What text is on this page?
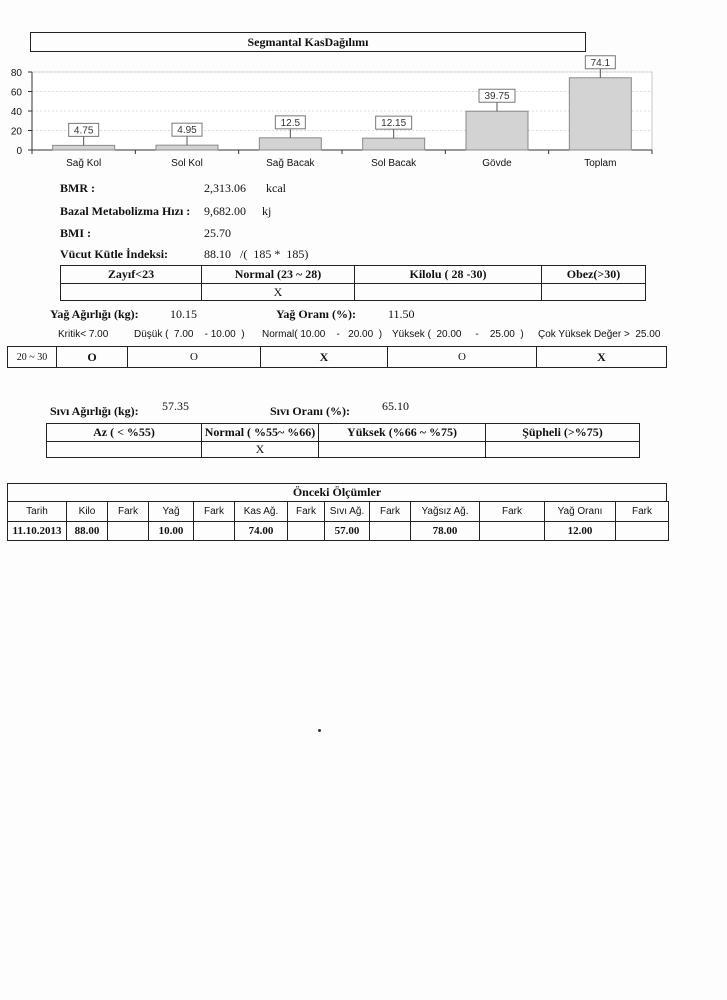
Segmantal KasDağılımı
0
20
40
60
80
Sağ Kol
4.75
Sol Kol
4.95
Sağ Bacak
12.5
Sol Bacak
12.15
Gövde
39.75
Toplam
74.1
BMR :	2,313.06 kcal
Bazal Metabolizma Hızı : 9,682.00 kj
BMI :	25.70
Vücut Kütle İndeksi:	88.10 /(  185 *  185)
Zayıf<23	Normal (23 ~ 28)	Kilolu ( 28 -30)	Obez(>30)
	X		
Yağ Ağırlığı (kg):	10.15	Yağ Oranı (%):	11.50
Kritik< 7.00	Düşük (  7.00    - 10.00  ) Normal( 10.00    -   20.00  ) Yüksek (  20.00     -    25.00  ) Çok Yüksek Değer >  25.00
20 ~ 30	O	O	X	O	X
Sıvı Ağırlığı (kg): 57.35	Sıvı Oranı (%):	65.10
Az ( < %55)	Normal ( %55~ %66)	Yüksek (%66 ~ %75)	Şüpheli (>%75)
	X		
Önceki Ölçümler
Tarih	Kilo	Fark	Yağ	Fark	Kas Ağ.	Fark	Sıvı Ağ.	Fark	Yağsız Ağ.	Fark	Yağ Oranı	Fark
11.10.2013	88.00		10.00		74.00		57.00		78.00		12.00	
